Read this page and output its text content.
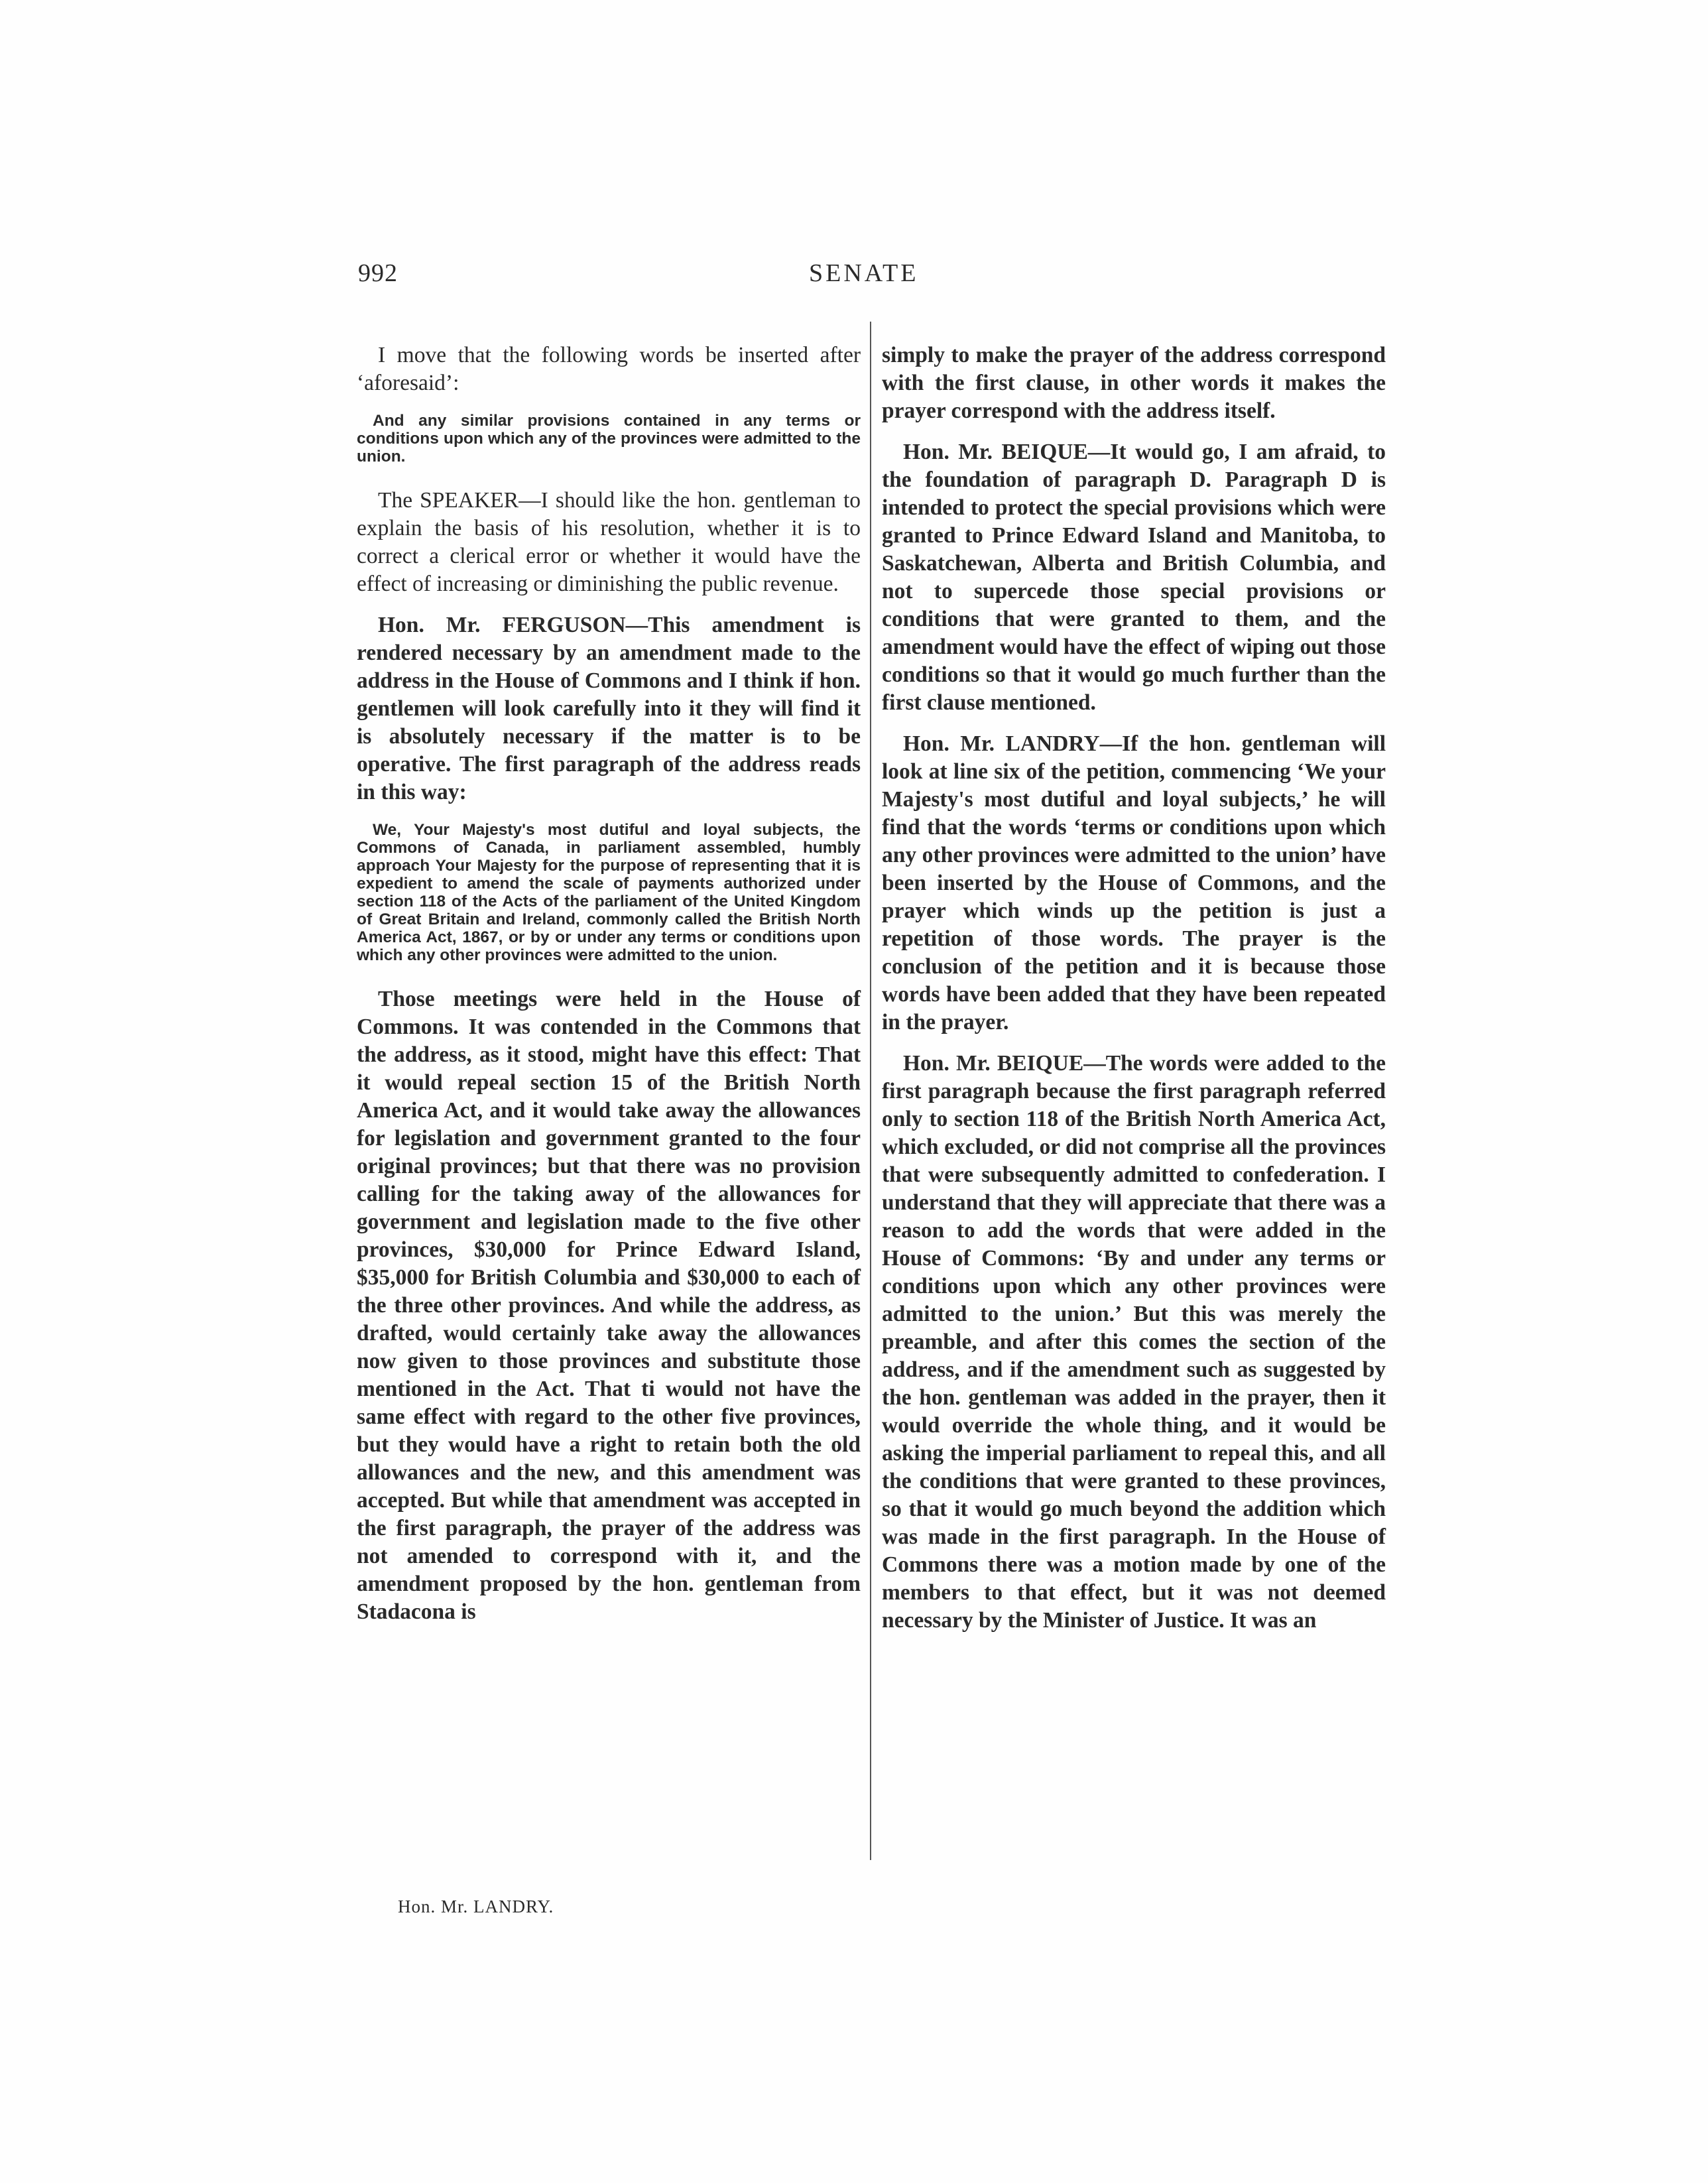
992	SENATE

I move that the following words be inserted after ‘aforesaid’:

And any similar provisions contained in any terms or conditions upon which any of the provinces were admitted to the union.

The SPEAKER—I should like the hon. gentleman to explain the basis of his resolution, whether it is to correct a clerical error or whether it would have the effect of increasing or diminishing the public revenue.

Hon. Mr. FERGUSON—This amendment is rendered necessary by an amendment made to the address in the House of Commons and I think if hon. gentlemen will look carefully into it they will find it is absolutely necessary if the matter is to be operative. The first paragraph of the address reads in this way:

We, Your Majesty's most dutiful and loyal subjects, the Commons of Canada, in parliament assembled, humbly approach Your Majesty for the purpose of representing that it is expedient to amend the scale of payments authorized under section 118 of the Acts of the parliament of the United Kingdom of Great Britain and Ireland, commonly called the British North America Act, 1867, or by or under any terms or conditions upon which any other provinces were admitted to the union.

Those meetings were held in the House of Commons. It was contended in the Commons that the address, as it stood, might have this effect: That it would repeal section 15 of the British North America Act, and it would take away the allowances for legislation and government granted to the four original provinces; but that there was no provision calling for the taking away of the allowances for government and legislation made to the five other provinces, $30,000 for Prince Edward Island, $35,000 for British Columbia and $30,000 to each of the three other provinces. And while the address, as drafted, would certainly take away the allowances now given to those provinces and substitute those mentioned in the Act. That ti would not have the same effect with regard to the other five provinces, but they would have a right to retain both the old allowances and the new, and this amendment was accepted. But while that amendment was accepted in the first paragraph, the prayer of the address was not amended to correspond with it, and the amendment proposed by the hon. gentleman from Stadacona is

simply to make the prayer of the address correspond with the first clause, in other words it makes the prayer correspond with the address itself.

Hon. Mr. BEIQUE—It would go, I am afraid, to the foundation of paragraph D. Paragraph D is intended to protect the special provisions which were granted to Prince Edward Island and Manitoba, to Saskatchewan, Alberta and British Columbia, and not to supercede those special provisions or conditions that were granted to them, and the amendment would have the effect of wiping out those conditions so that it would go much further than the first clause mentioned.

Hon. Mr. LANDRY—If the hon. gentleman will look at line six of the petition, commencing ‘We your Majesty's most dutiful and loyal subjects,’ he will find that the words ‘terms or conditions upon which any other provinces were admitted to the union’ have been inserted by the House of Commons, and the prayer which winds up the petition is just a repetition of those words. The prayer is the conclusion of the petition and it is because those words have been added that they have been repeated in the prayer.

Hon. Mr. BEIQUE—The words were added to the first paragraph because the first paragraph referred only to section 118 of the British North America Act, which excluded, or did not comprise all the provinces that were subsequently admitted to confederation. I understand that they will appreciate that there was a reason to add the words that were added in the House of Commons: ‘By and under any terms or conditions upon which any other provinces were admitted to the union.’ But this was merely the preamble, and after this comes the section of the address, and if the amendment such as suggested by the hon. gentleman was added in the prayer, then it would override the whole thing, and it would be asking the imperial parliament to repeal this, and all the conditions that were granted to these provinces, so that it would go much beyond the addition which was made in the first paragraph. In the House of Commons there was a motion made by one of the members to that effect, but it was not deemed necessary by the Minister of Justice. It was an

Hon. Mr. LANDRY.
